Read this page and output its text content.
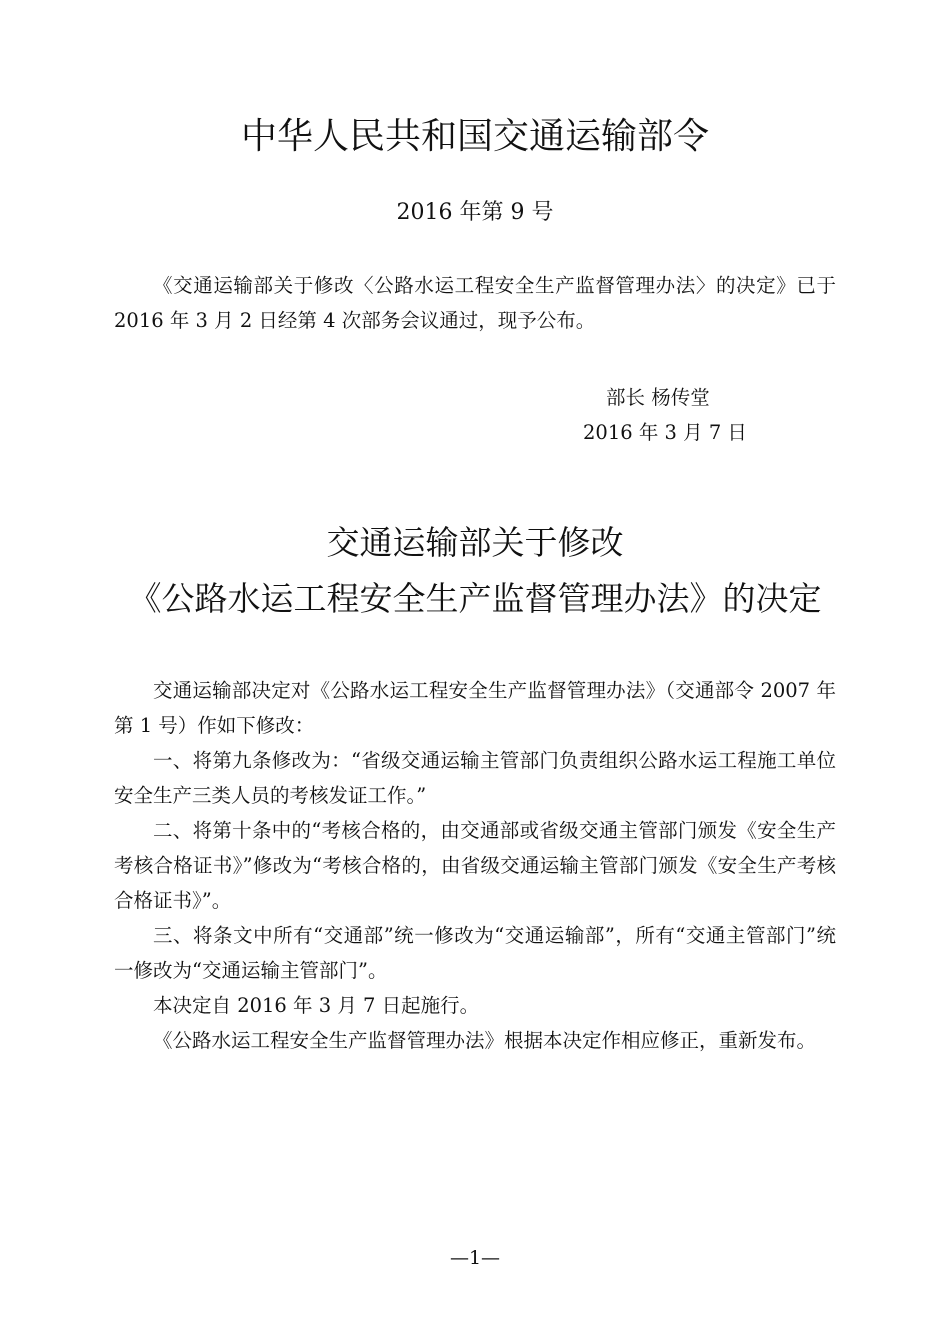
中华人民共和国交通运输部令
2016 年第 9 号

《交通运输部关于修改〈公路水运工程安全生产监督管理办法〉的决定》已于 2016 年 3 月 2 日经第 4 次部务会议通过，现予公布。

部长 杨传堂
2016 年 3 月 7 日
交通运输部关于修改
《公路水运工程安全生产监督管理办法》的决定

交通运输部决定对《公路水运工程安全生产监督管理办法》（交通部令 2007 年第 1 号）作如下修改：

一、将第九条修改为：“省级交通运输主管部门负责组织公路水运工程施工单位安全生产三类人员的考核发证工作。”

二、将第十条中的“考核合格的，由交通部或省级交通主管部门颁发《安全生产考核合格证书》”修改为“考核合格的，由省级交通运输主管部门颁发《安全生产考核合格证书》”。

三、将条文中所有“交通部”统一修改为“交通运输部”，所有“交通主管部门”统一修改为“交通运输主管部门”。

本决定自 2016 年 3 月 7 日起施行。

《公路水运工程安全生产监督管理办法》根据本决定作相应修正，重新发布。

—1—
